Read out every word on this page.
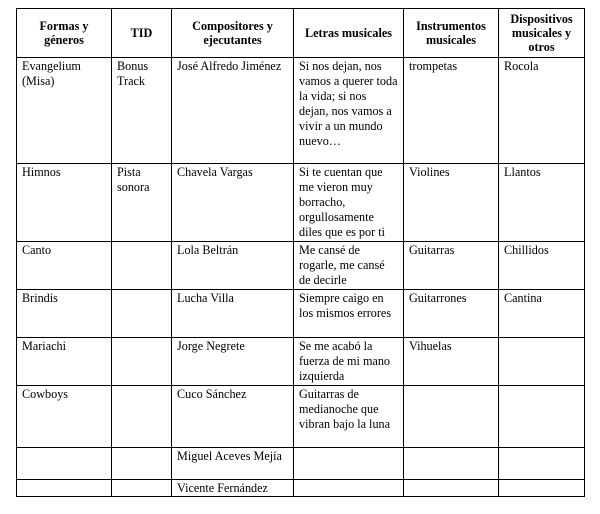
Formas y géneros	TID	Compositores y ejecutantes	Letras musicales	Instrumentos musicales	Dispositivos musicales y otros
Evangelium (Misa)	Bonus Track	José Alfredo Jiménez	Si nos dejan, nos vamos a querer toda la vida; si nos dejan, nos vamos a vivir a un mundo nuevo…	trompetas	Rocola
Himnos	Pista sonora	Chavela Vargas	Si te cuentan que me vieron muy borracho, orgullosamente diles que es por ti	Violines	Llantos
Canto		Lola Beltrán	Me cansé de rogarle, me cansé de decirle	Guitarras	Chillidos
Brindis		Lucha Villa	Siempre caigo en los mismos errores	Guitarrones	Cantina
Mariachi		Jorge Negrete	Se me acabó la fuerza de mi mano izquierda	Vihuelas	
Cowboys		Cuco Sánchez	Guitarras de medianoche que vibran bajo la luna		
		Miguel Aceves Mejía			
		Vicente Fernández			
